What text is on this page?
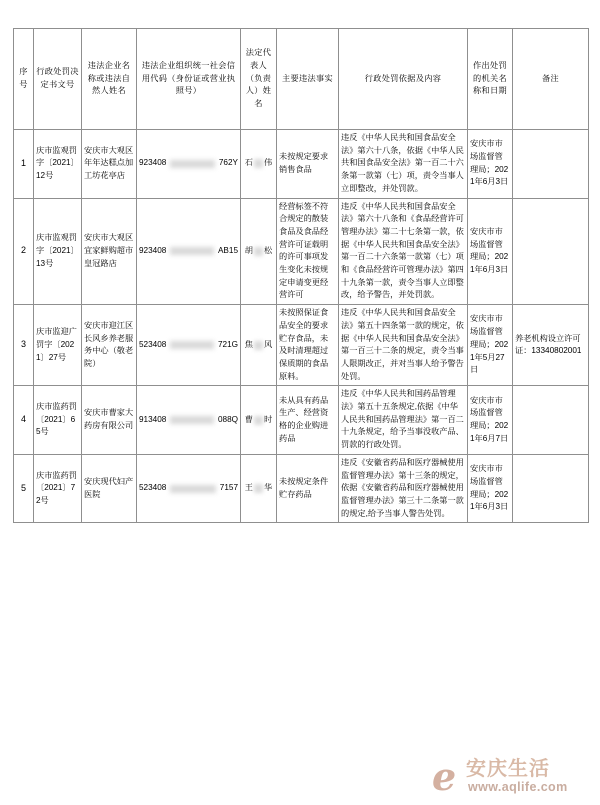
序号	行政处罚决定书文号	违法企业名称或违法自然人姓名	违法企业组织统一社会信用代码（身份证或营业执照号）	法定代表人（负责人）姓名	主要违法事实	行政处罚依据及内容	作出处罚的机关名称和日期	备注
1	庆市监观罚字〔2021〕12号	安庆市大观区年年达糕点加工坊花亭店	923408 762Y	石 伟	未按规定要求销售食品	违反《中华人民共和国食品安全法》第六十八条，依据《中华人民共和国食品安全法》第一百二十六条第一款第（七）项，责令当事人立即整改，并处罚款。	安庆市市场监督管理局；2021年6月3日	
2	庆市监观罚字〔2021〕13号	安庆市大观区宜家鲜购超市皇冠路店	923408 AB15	胡 松	经营标签不符合规定的散装食品及食品经营许可证载明的许可事项发生变化未按规定申请变更经营许可	违反《中华人民共和国食品安全法》第六十八条和《食品经营许可管理办法》第二十七条第一款，依据《中华人民共和国食品安全法》第一百二十六条第一款第（七）项和《食品经营许可管理办法》第四十九条第一款，责令当事人立即整改，给予警告，并处罚款。	安庆市市场监督管理局；2021年6月3日	
3	庆市监迎广罚字〔2021〕27号	安庆市迎江区长风乡养老服务中心（敬老院）	523408 721G	焦 风	未按照保证食品安全的要求贮存食品，未及时清理超过保质期的食品原料。	违反《中华人民共和国食品安全法》第五十四条第一款的规定，依据《中华人民共和国食品安全法》第一百三十二条的规定，责令当事人限期改正，并对当事人给予警告处罚。	安庆市市场监督管理局；2021年5月27日	养老机构设立许可证：13340802001
4	庆市监药罚〔2021〕65号	安庆市曹家大药房有限公司	913408 088Q	曹 时	未从具有药品生产、经营资格的企业购进药品	违反《中华人民共和国药品管理法》第五十五条规定,依据《中华人民共和国药品管理法》第一百二十九条规定，给予当事没收产品、罚款的行政处罚。	安庆市市场监督管理局；2021年6月7日	
5	庆市监药罚〔2021〕72号	安庆现代妇产医院	523408 7157	王 华	未按规定条件贮存药品	违反《安徽省药品和医疗器械使用监督管理办法》第十三条的规定，依据《安徽省药品和医疗器械使用监督管理办法》第三十二条第一款的规定,给予当事人警告处罚。	安庆市市场监督管理局；2021年6月3日	
e 安庆生活
www.aqlife.com
